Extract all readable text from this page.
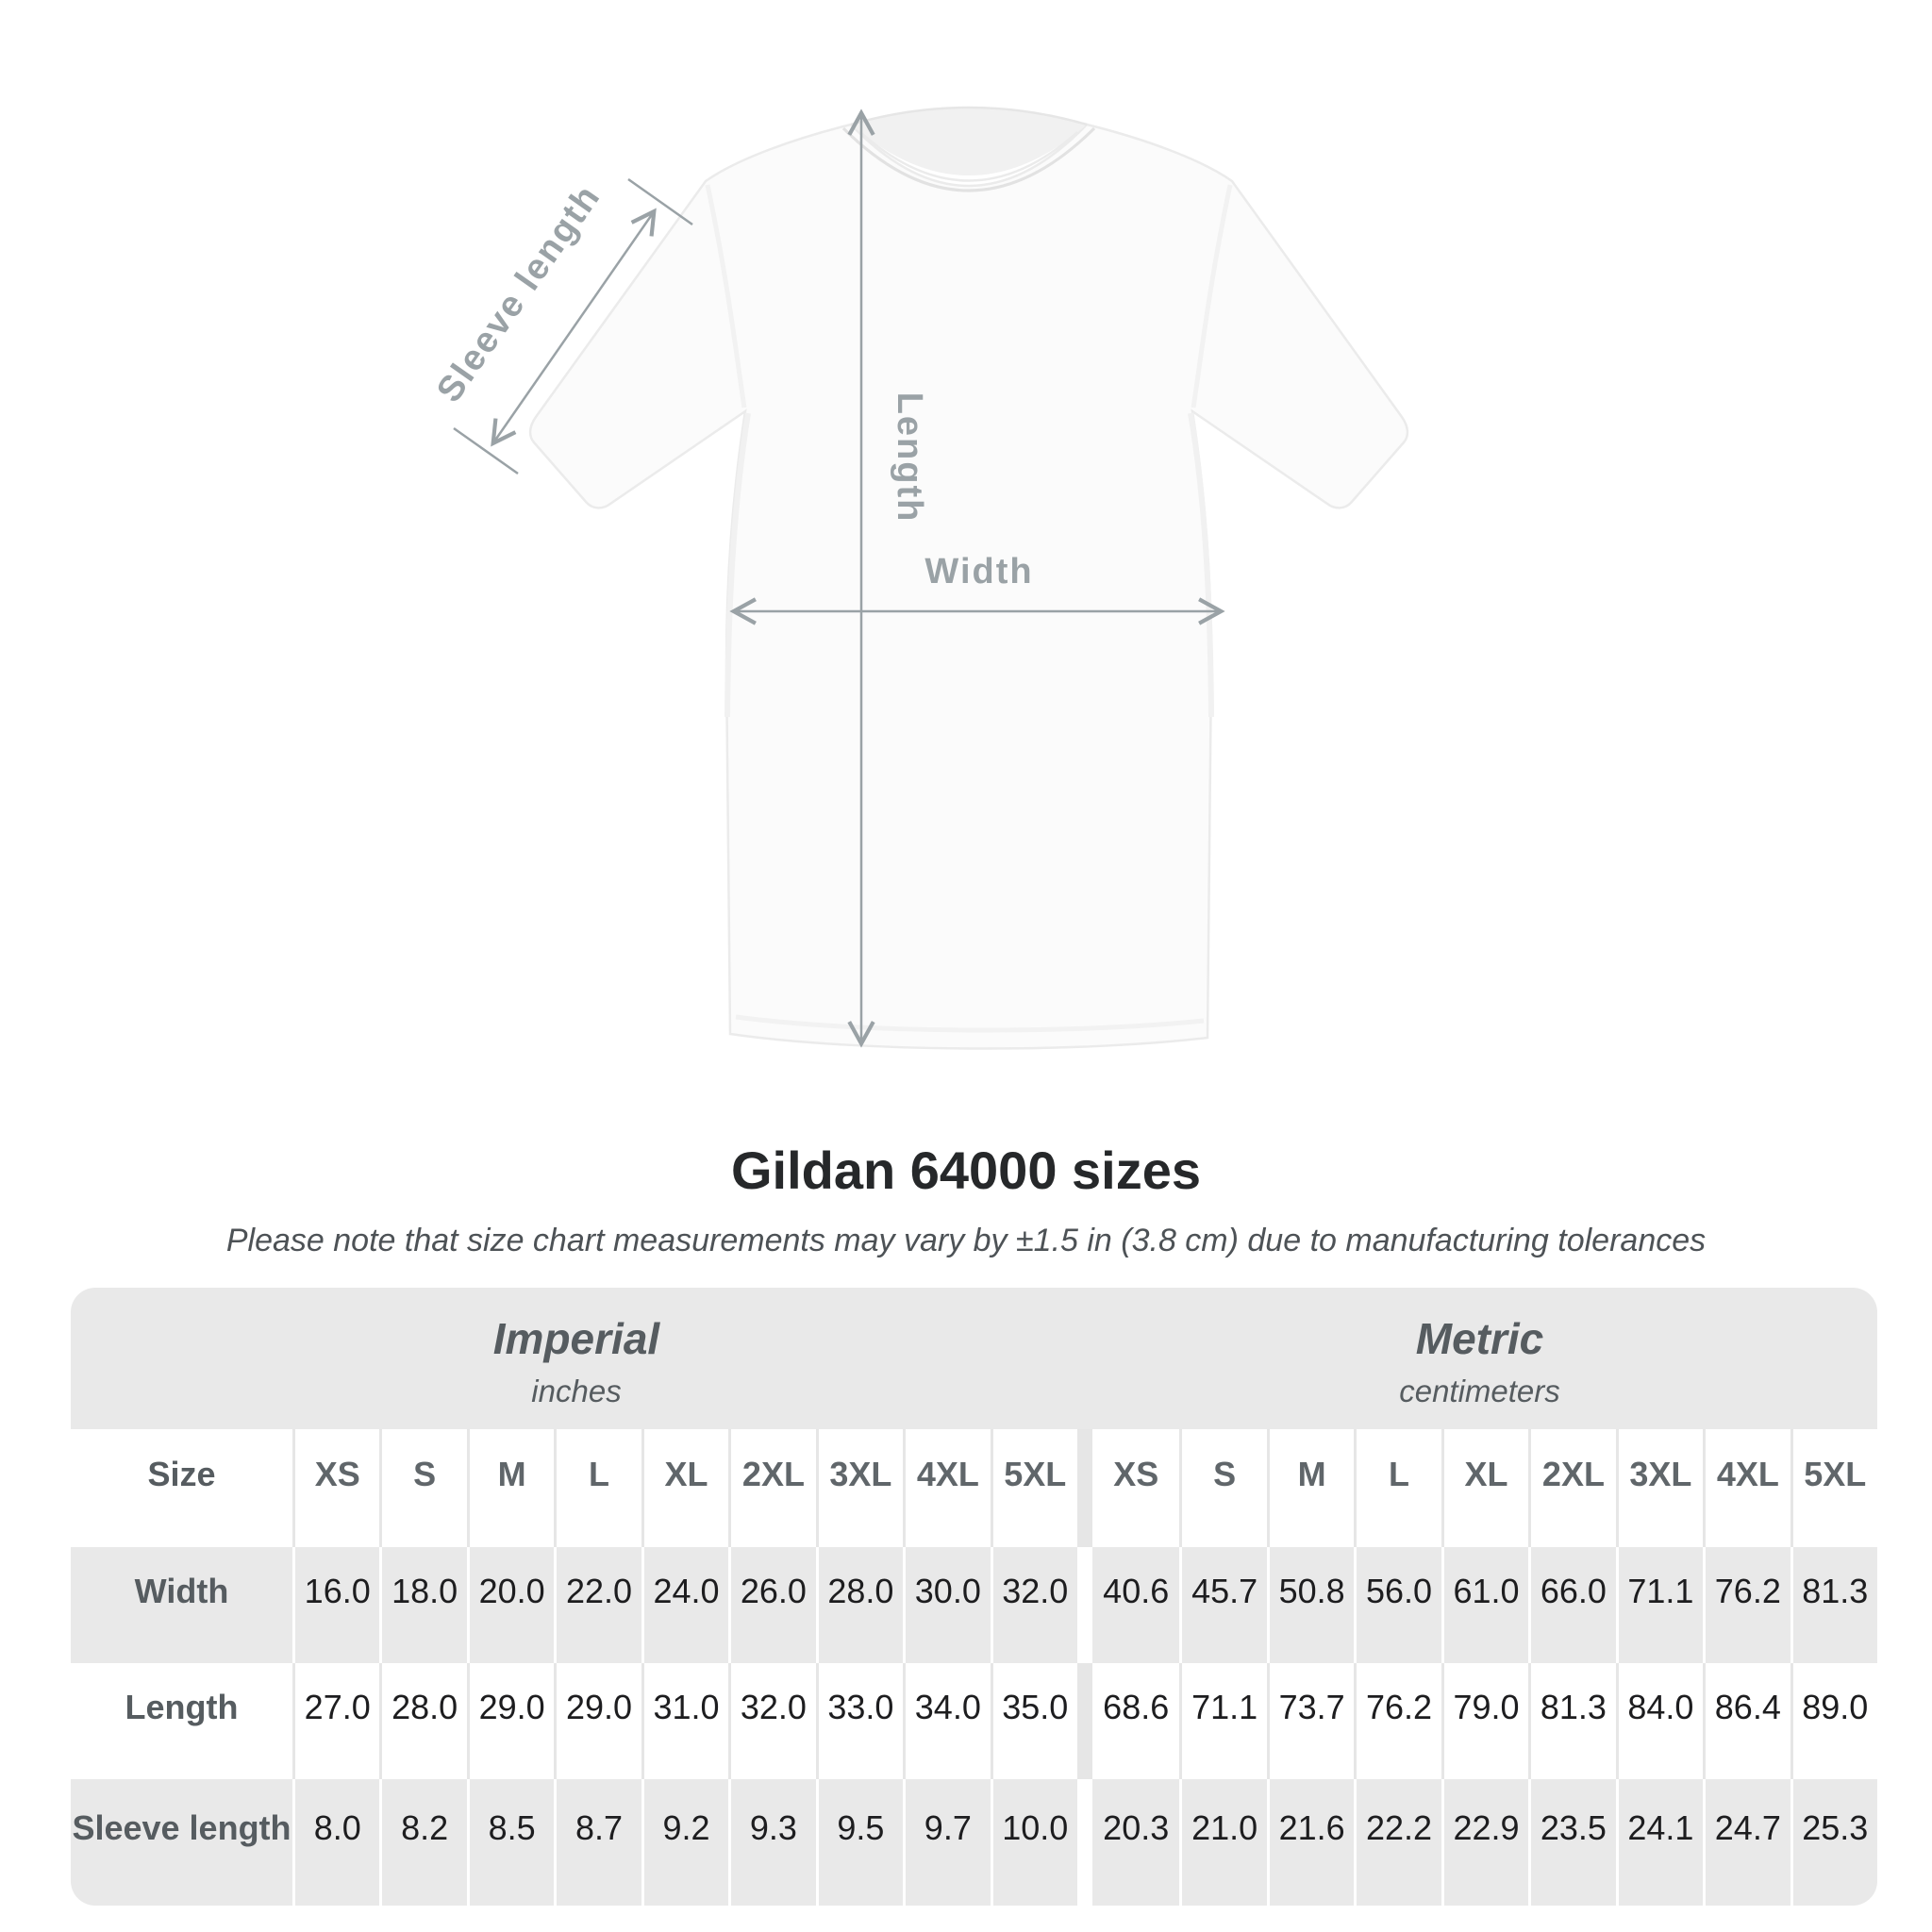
Sleeve length
Length
Width
Gildan 64000 sizes
Please note that size chart measurements may vary by ±1.5 in (3.8 cm) due to manufacturing tolerances
Imperial
inches
Metric
centimeters
Size	XS	S	M	L	XL	2XL 3XL 4XL 5XL	XS	S	M	L	XL	2XL 3XL 4XL 5XL
Width	16.0 18.0 20.0 22.0 24.0 26.0 28.0 30.0 32.0	40.6 45.7 50.8 56.0 61.0 66.0 71.1 76.2 81.3
Length	27.0 28.0 29.0 29.0 31.0 32.0 33.0 34.0 35.0	68.6 71.1 73.7 76.2 79.0 81.3 84.0 86.4 89.0
Sleeve length 8.0	8.2	8.5	8.7	9.2	9.3	9.5	9.7 10.0	20.3 21.0 21.6 22.2 22.9 23.5 24.1 24.7 25.3
